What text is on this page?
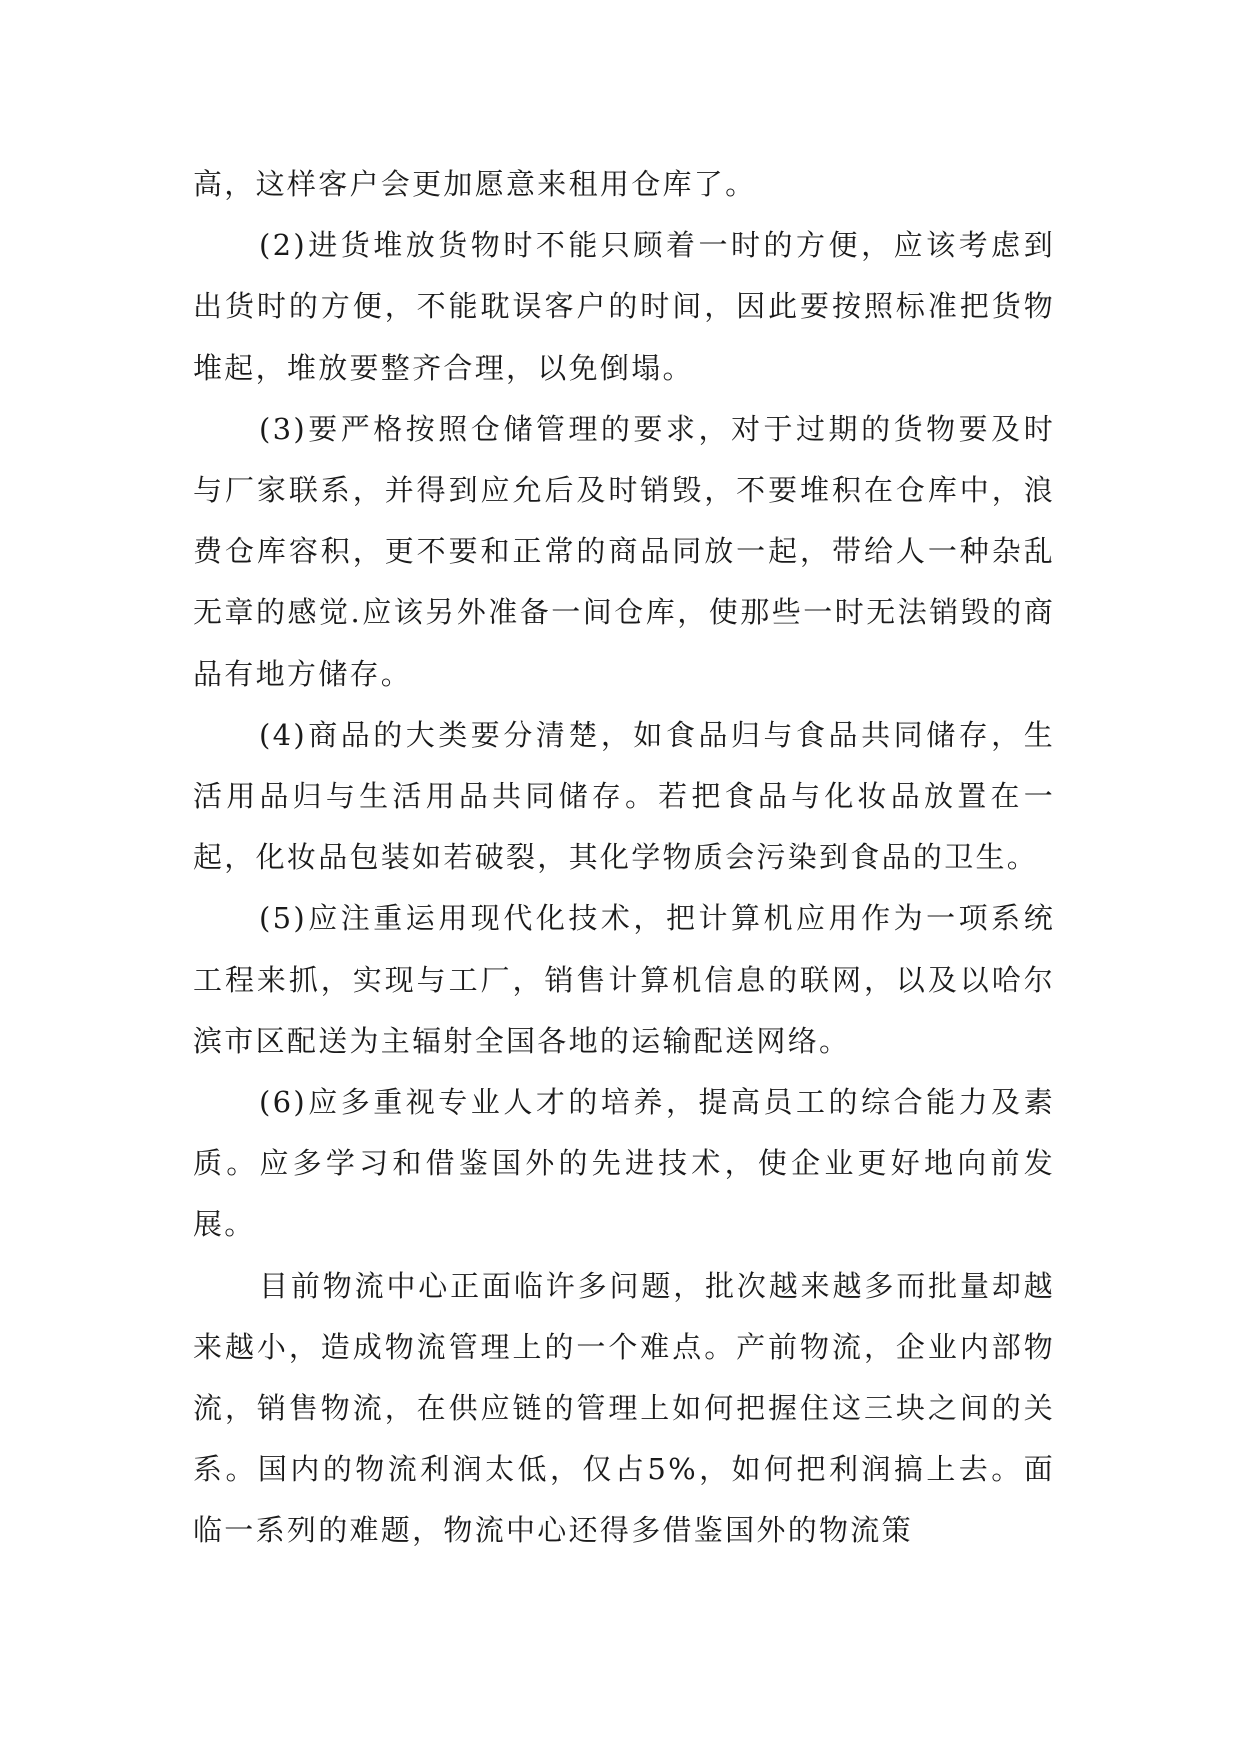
高，这样客户会更加愿意来租用仓库了。

(2)进货堆放货物时不能只顾着一时的方便，应该考虑到出货时的方便，不能耽误客户的时间，因此要按照标准把货物堆起，堆放要整齐合理，以免倒塌。

(3)要严格按照仓储管理的要求，对于过期的货物要及时与厂家联系，并得到应允后及时销毁，不要堆积在仓库中，浪费仓库容积，更不要和正常的商品同放一起，带给人一种杂乱无章的感觉.应该另外准备一间仓库，使那些一时无法销毁的商品有地方储存。

(4)商品的大类要分清楚，如食品归与食品共同储存，生活用品归与生活用品共同储存。若把食品与化妆品放置在一起，化妆品包装如若破裂，其化学物质会污染到食品的卫生。

(5)应注重运用现代化技术，把计算机应用作为一项系统工程来抓，实现与工厂，销售计算机信息的联网，以及以哈尔滨市区配送为主辐射全国各地的运输配送网络。

(6)应多重视专业人才的培养，提高员工的综合能力及素质。应多学习和借鉴国外的先进技术，使企业更好地向前发展。

目前物流中心正面临许多问题，批次越来越多而批量却越来越小，造成物流管理上的一个难点。产前物流，企业内部物流，销售物流，在供应链的管理上如何把握住这三块之间的关系。国内的物流利润太低，仅占5%，如何把利润搞上去。面临一系列的难题，物流中心还得多借鉴国外的物流策
